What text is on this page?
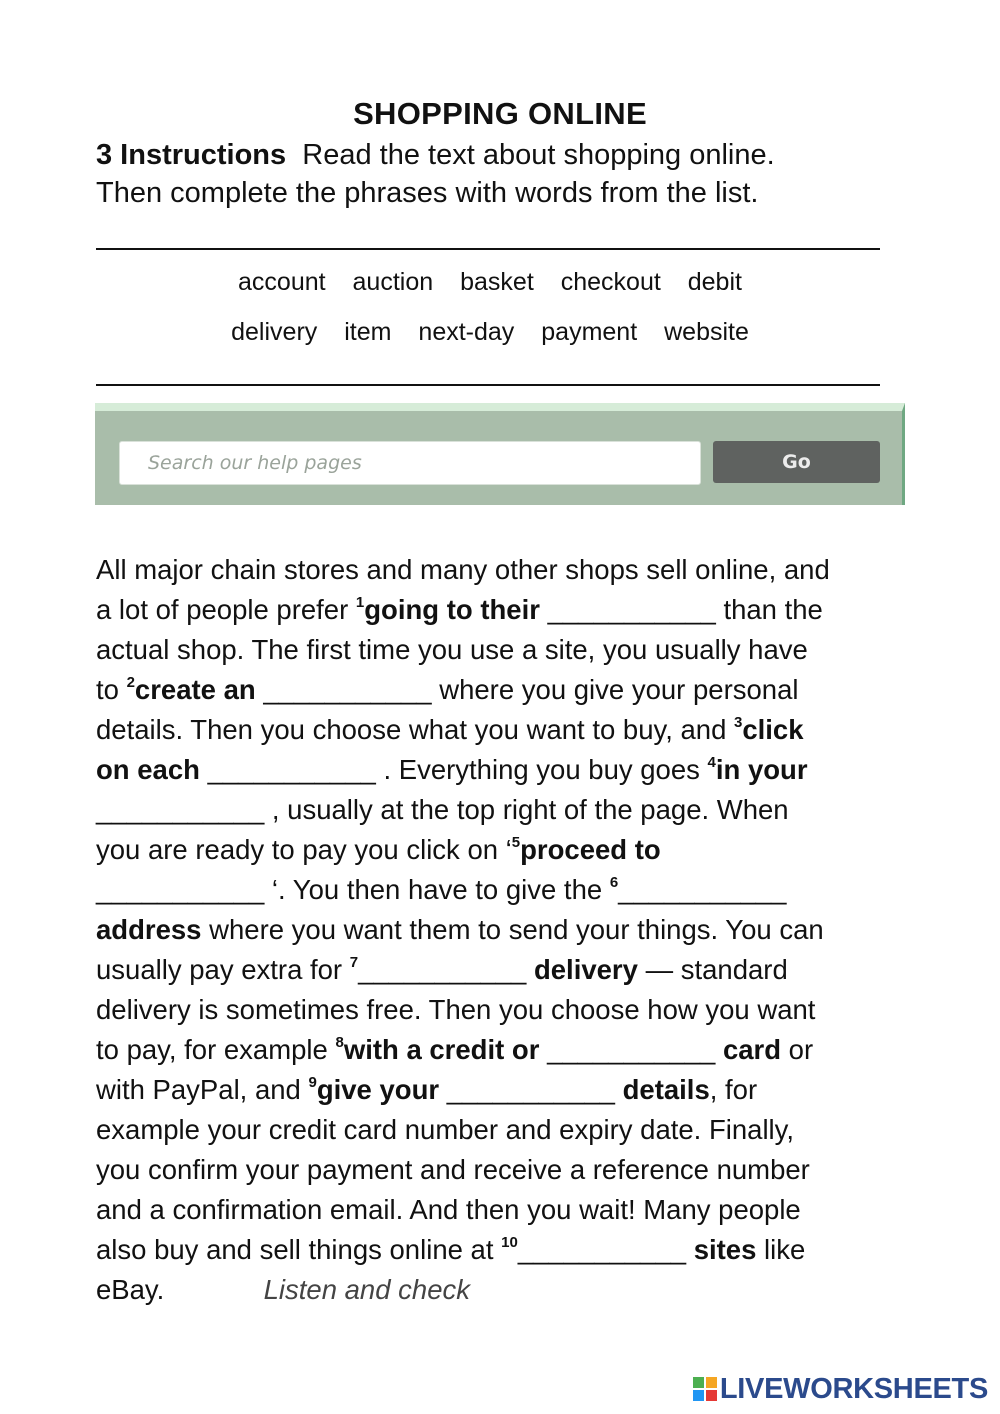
SHOPPING ONLINE
3 Instructions Read the text about shopping online.
Then complete the phrases with words from the list.
account auction basket checkout debit
delivery item next-day payment website
Search our help pages	Go
All major chain stores and many other shops sell online, and
a lot of people prefer $^1$going to their ___________ than the
actual shop. The first time you use a site, you usually have
to $^2$create an ___________ where you give your personal
details. Then you choose what you want to buy, and $^3$click
on each ___________ . Everything you buy goes $^4$in your
___________ , usually at the top right of the page. When
you are ready to pay you click on ‘$^5$proceed to
___________ ‘. You then have to give the $^6$___________
address where you want them to send your things. You can
usually pay extra for $^7$___________ delivery — standard
delivery is sometimes free. Then you choose how you want
to pay, for example $^8$with a credit or ___________ card or
with PayPal, and $^9$give your ___________ details, for
example your credit card number and expiry date. Finally,
you confirm your payment and receive a reference number
and a confirmation email. And then you wait! Many people
also buy and sell things online at $^{10}$___________ sites like
eBay.	Listen and check
LIVEWORKSHEETS
